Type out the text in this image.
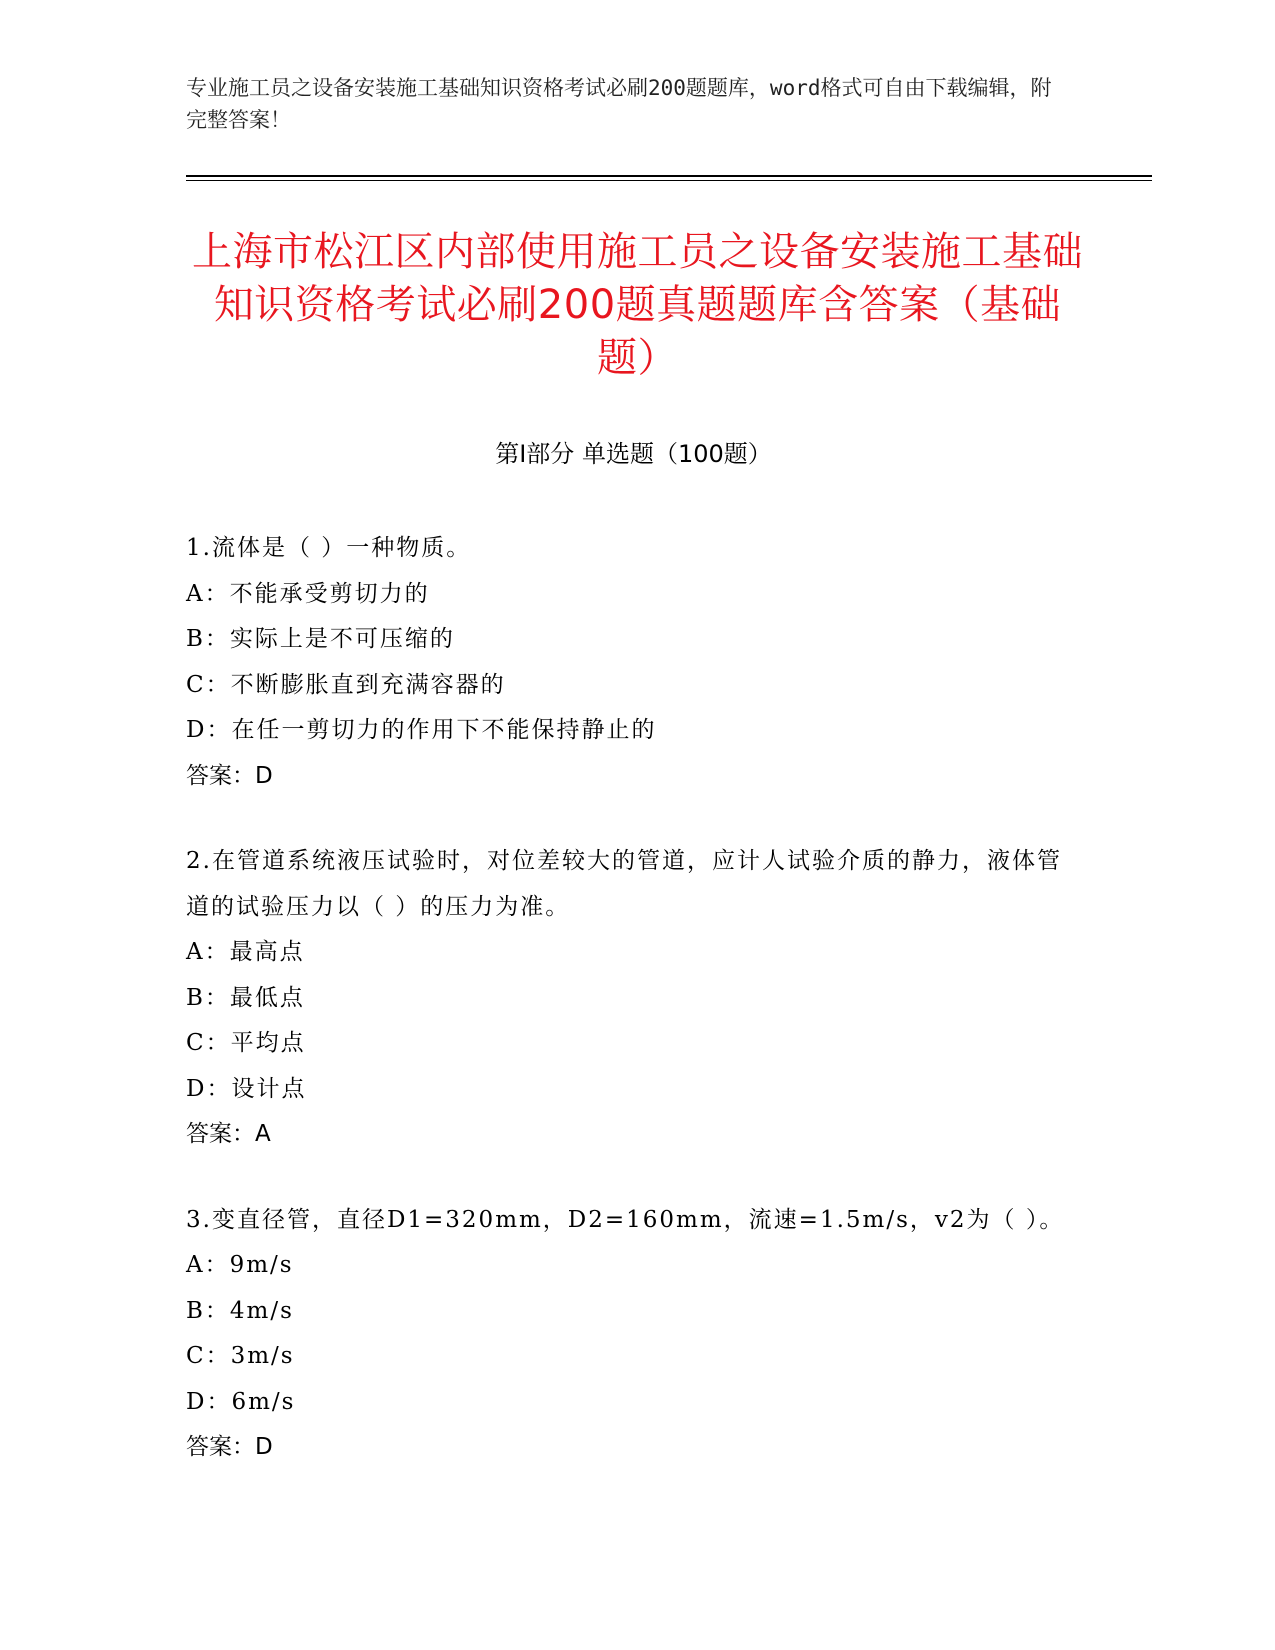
专业施工员之设备安装施工基础知识资格考试必刷200题题库，word格式可自由下载编辑，附完整答案！
上海市松江区内部使用施工员之设备安装施工基础知识资格考试必刷200题真题题库含答案（基础题）
第I部分 单选题（100题）
1.流体是（ ）一种物质。
A：不能承受剪切力的
B：实际上是不可压缩的
C：不断膨胀直到充满容器的
D：在任一剪切力的作用下不能保持静止的
答案：D
2.在管道系统液压试验时，对位差较大的管道，应计人试验介质的静力，液体管道的试验压力以（ ）的压力为准。
A：最高点
B：最低点
C：平均点
D：设计点
答案：A
3.变直径管，直径D1=320mm，D2=160mm，流速=1.5m/s，v2为（ ）。
A：9m/s
B：4m/s
C：3m/s
D：6m/s
答案：D
